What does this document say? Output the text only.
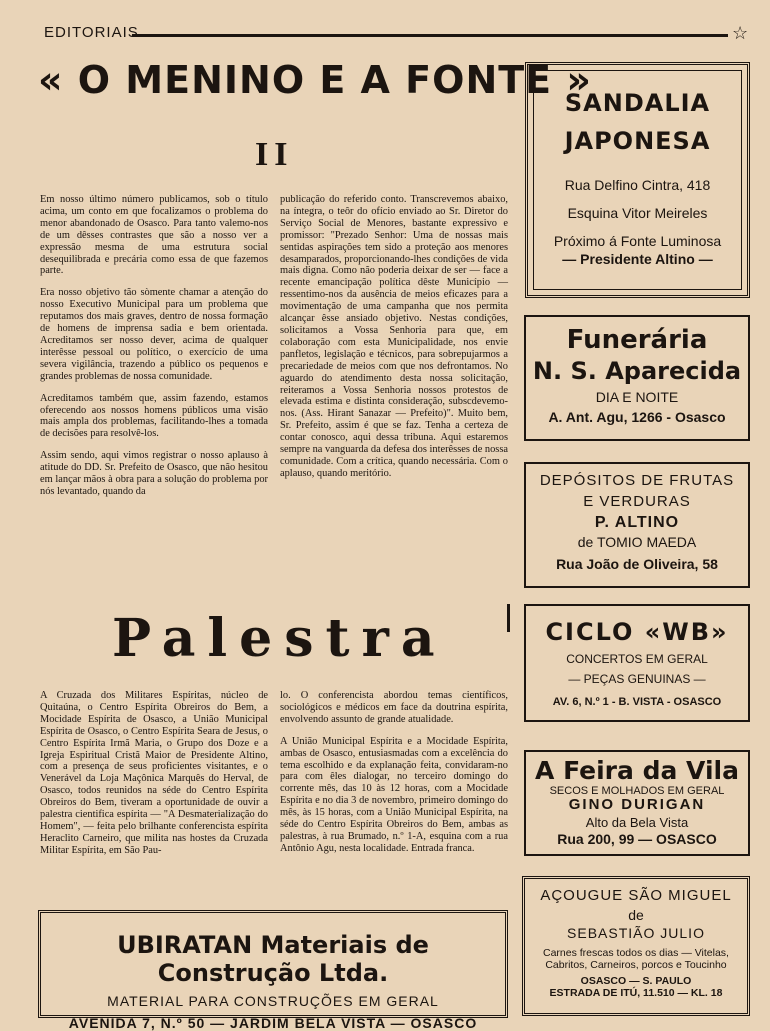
EDITORIAIS	☆
« O MENINO E A FONTE »
II

Em nosso último número publicamos, sob o título acima, um conto em que focalizamos o problema do menor abandonado de Osasco. Para tanto valemo-nos de um dêsses contrastes que são a nosso ver a expressão mesma de uma estrutura social desequilibrada e precária como essa de que fazemos parte.

Era nosso objetivo tão sòmente chamar a atenção do nosso Executivo Municipal para um problema que reputamos dos mais graves, dentro de nossa formação de homens de imprensa sadia e bem orientada. Acreditamos ser nosso dever, acima de qualquer interêsse pessoal ou político, o exercício de uma severa vigilância, trazendo a público os pequenos e grandes problemas de nossa comunidade.

Acreditamos também que, assim fazendo, estamos oferecendo aos nossos homens públicos uma visão mais ampla dos problemas, facilitando-lhes a tomada de decisões para resolvê-los.

Assim sendo, aqui vimos registrar o nosso aplauso à atitude do DD. Sr. Prefeito de Osasco, que não hesitou em lançar mãos à obra para a solução do problema por nós levantado, quando da

publicação do referido conto. Transcrevemos abaixo, na íntegra, o teôr do ofício enviado ao Sr. Diretor do Serviço Social de Menores, bastante expressivo e promissor: "Prezado Senhor: Uma de nossas mais sentidas aspirações tem sido a proteção aos menores desamparados, proporcionando-lhes condições de vida mais digna. Como não poderia deixar de ser — face a recente emancipação política dêste Município — ressentimo-nos da ausência de meios eficazes para a movimentação de uma campanha que nos permita alcançar êsse ansiado objetivo. Nestas condições, solicitamos a Vossa Senhoria para que, em colaboração com esta Municipalidade, nos envie panfletos, legislação e técnicos, para sobrepujarmos a precariedade de meios com que nos defrontamos. No aguardo do atendimento desta nossa solicitação, reiteramos a Vossa Senhoria nossos protestos de elevada estima e distinta consideração, subscdevemo-nos. (Ass. Hirant Sanazar — Prefeito)". Muito bem, Sr. Prefeito, assim é que se faz. Tenha a certeza de contar conosco, aqui dessa tribuna. Aqui estaremos sempre na vanguarda da defesa dos interêsses de nossa comunidade. Com a crítica, quando necessária. Com o aplauso, quando meritório.

Palestra

A Cruzada dos Militares Espíritas, núcleo de Quitaúna, o Centro Espírita Obreiros do Bem, a Mocidade Espírita de Osasco, a União Municipal Espírita de Osasco, o Centro Espírita Seara de Jesus, o Centro Espírita Irmã Maria, o Grupo dos Doze e a Igreja Espiritual Cristã Maior de Presidente Altino, com a presença de seus proficientes visitantes, e o Venerável da Loja Maçônica Marquês do Herval, de Osasco, todos reunidos na séde do Centro Espírita Obreiros do Bem, tiveram a oportunidade de ouvir a palestra cientifica espírita — "A Desmaterialização do Homem", — feita pelo brilhante conferencista espírita Heraclito Carneiro, que milita nas hostes da Cruzada Militar Espírita, em São Pau-

lo. O conferencista abordou temas científicos, sociológicos e médicos em face da doutrina espírita, envolvendo assunto de grande atualidade.

A União Municipal Espírita e a Mocidade Espírita, ambas de Osasco, entusiasmadas com a excelência do tema escolhido e da explanação feita, convidaram-no para com êles dialogar, no terceiro domingo do corrente mês, das 10 às 12 horas, com a Mocidade Espírita e no dia 3 de novembro, primeiro domingo do mês, às 15 horas, com a União Municipal Espírita, na séde do Centro Espírita Obreiros do Bem, ambas as palestras, à rua Brumado, n.º 1-A, esquina com a rua Antônio Agu, nesta localidade. Entrada franca.

SANDALIA
JAPONESA
Rua Delfino Cintra, 418
Esquina Vitor Meireles
Próximo á Fonte Luminosa
— Presidente Altino —
Funerária
N. S. Aparecida
DIA E NOITE
A. Ant. Agu, 1266 - Osasco
DEPÓSITOS DE FRUTAS
E VERDURAS
P. ALTINO
de TOMIO MAEDA
Rua João de Oliveira, 58
CICLO «WB»
CONCERTOS EM GERAL
— PEÇAS GENUINAS —
AV. 6, N.º 1 - B. VISTA - OSASCO
A Feira da Vila
SECOS E MOLHADOS EM GERAL
GINO DURIGAN
Alto da Bela Vista
Rua 200, 99 — OSASCO
AÇOUGUE SÃO MIGUEL
de
SEBASTIÃO JULIO
Carnes frescas todos os dias — Vitelas, Cabritos, Carneiros, porcos e Toucinho
OSASCO — S. PAULO
ESTRADA DE ITÚ, 11.510 — KL. 18
UBIRATAN Materiais de Construção Ltda.
MATERIAL PARA CONSTRUÇÕES EM GERAL
AVENIDA 7, N.º 50 — JARDIM BELA VISTA — OSASCO
